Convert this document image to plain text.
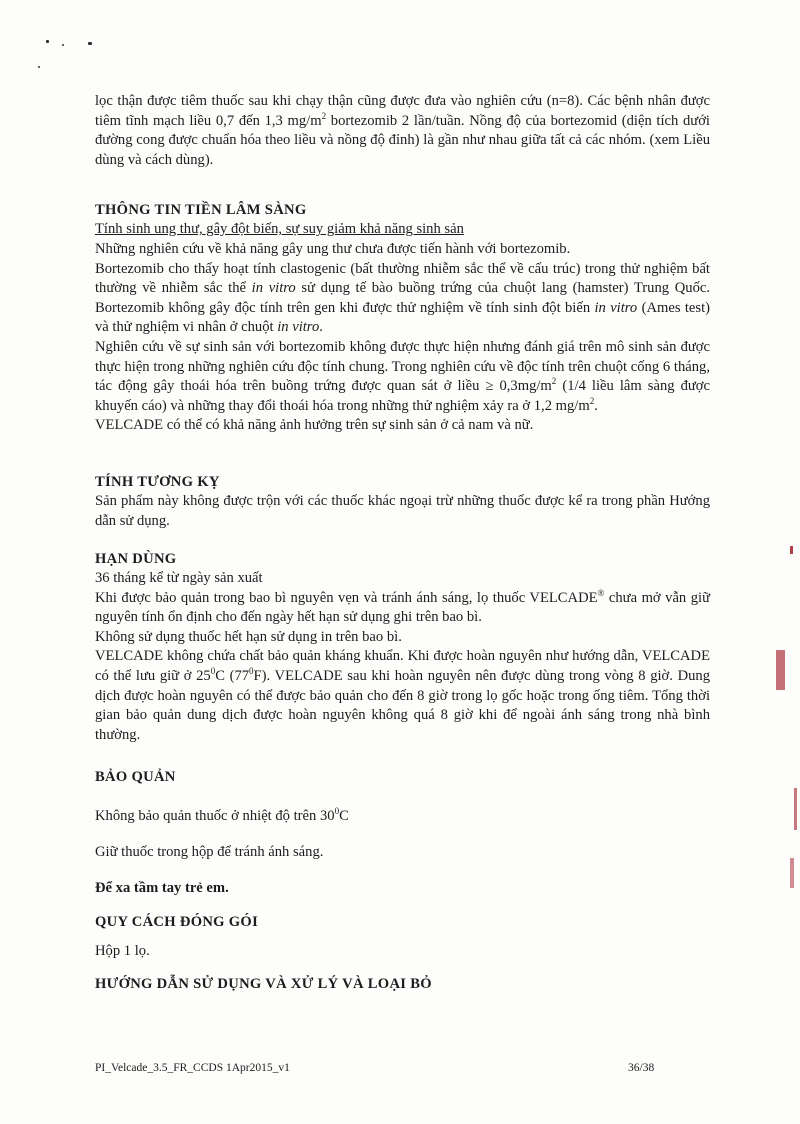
lọc thận được tiêm thuốc sau khi chạy thận cũng được đưa vào nghiên cứu (n=8). Các bệnh nhân được tiêm tĩnh mạch liều 0,7 đến 1,3 $mg/m^2$ bortezomib 2 lần/tuần. Nồng độ của bortezomid (diện tích dưới đường cong được chuẩn hóa theo liều và nồng độ đỉnh) là gần như nhau giữa tất cả các nhóm. (xem Liều dùng và cách dùng).

THÔNG TIN TIỀN LÂM SÀNG

Tính sinh ung thư, gây đột biến, sự suy giảm khả năng sinh sản

Những nghiên cứu về khả năng gây ung thư chưa được tiến hành với bortezomib.

Bortezomib cho thấy hoạt tính clastogenic (bất thường nhiễm sắc thể về cấu trúc) trong thử nghiệm bất thường về nhiễm sắc thể in vitro sử dụng tế bào buồng trứng của chuột lang (hamster) Trung Quốc. Bortezomib không gây độc tính trên gen khi được thử nghiệm về tính sinh đột biến in vitro (Ames test) và thử nghiệm vi nhân ở chuột in vitro.

Nghiên cứu về sự sinh sản với bortezomib không được thực hiện nhưng đánh giá trên mô sinh sản được thực hiện trong những nghiên cứu độc tính chung. Trong nghiên cứu về độc tính trên chuột cống 6 tháng, tác động gây thoái hóa trên buồng trứng được quan sát ở liều ≥ $0,3mg/m^2$ (1/4 liều lâm sàng được khuyến cáo) và những thay đổi thoái hóa trong những thử nghiệm xảy ra ở 1,2 $mg/m^2$.

VELCADE có thể có khả năng ảnh hưởng trên sự sinh sản ở cả nam và nữ.

TÍNH TƯƠNG KỴ

Sản phẩm này không được trộn với các thuốc khác ngoại trừ những thuốc được kể ra trong phần Hướng dẫn sử dụng.

HẠN DÙNG

36 tháng kể từ ngày sản xuất

Khi được bảo quản trong bao bì nguyên vẹn và tránh ánh sáng, lọ thuốc VELCADE® chưa mở vẫn giữ nguyên tính ổn định cho đến ngày hết hạn sử dụng ghi trên bao bì.

Không sử dụng thuốc hết hạn sử dụng in trên bao bì.

VELCADE không chứa chất bảo quản kháng khuẩn. Khi được hoàn nguyên như hướng dẫn, VELCADE có thể lưu giữ ở $25^0C$ $(77^0F)$. VELCADE sau khi hoàn nguyên nên được dùng trong vòng 8 giờ. Dung dịch được hoàn nguyên có thể được bảo quản cho đến 8 giờ trong lọ gốc hoặc trong ống tiêm. Tổng thời gian bảo quản dung dịch được hoàn nguyên không quá 8 giờ khi để ngoài ánh sáng trong nhà bình thường.

BẢO QUẢN

Không bảo quản thuốc ở nhiệt độ trên $30^0C$

Giữ thuốc trong hộp để tránh ánh sáng.

Để xa tầm tay trẻ em.

QUY CÁCH ĐÓNG GÓI

Hộp 1 lọ.

HƯỚNG DẪN SỬ DỤNG VÀ XỬ LÝ VÀ LOẠI BỎ
PI_Velcade_3.5_FR_CCDS 1Apr2015_v1	36/38
